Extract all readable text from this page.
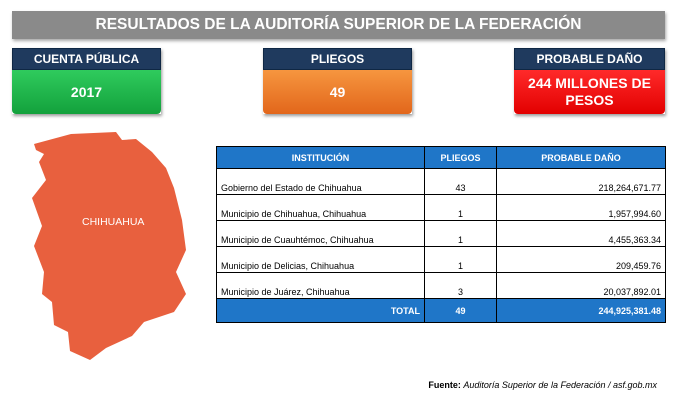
RESULTADOS DE LA AUDITORÍA SUPERIOR DE LA FEDERACIÓN
CUENTA PÚBLICA
2017
PLIEGOS
49
PROBABLE DAÑO
244 MILLONES DE PESOS
CHIHUAHUA
INSTITUCIÓN	PLIEGOS	PROBABLE DAÑO
Gobierno del Estado de Chihuahua	43	218,264,671.77
Municipio de Chihuahua, Chihuahua	1	1,957,994.60
Municipio de Cuauhtémoc, Chihuahua	1	4,455,363.34
Municipio de Delicias, Chihuahua	1	209,459.76
Municipio de Juárez, Chihuahua	3	20,037,892.01
TOTAL	49	244,925,381.48
Fuente: Auditoría Superior de la Federación / asf.gob.mx
